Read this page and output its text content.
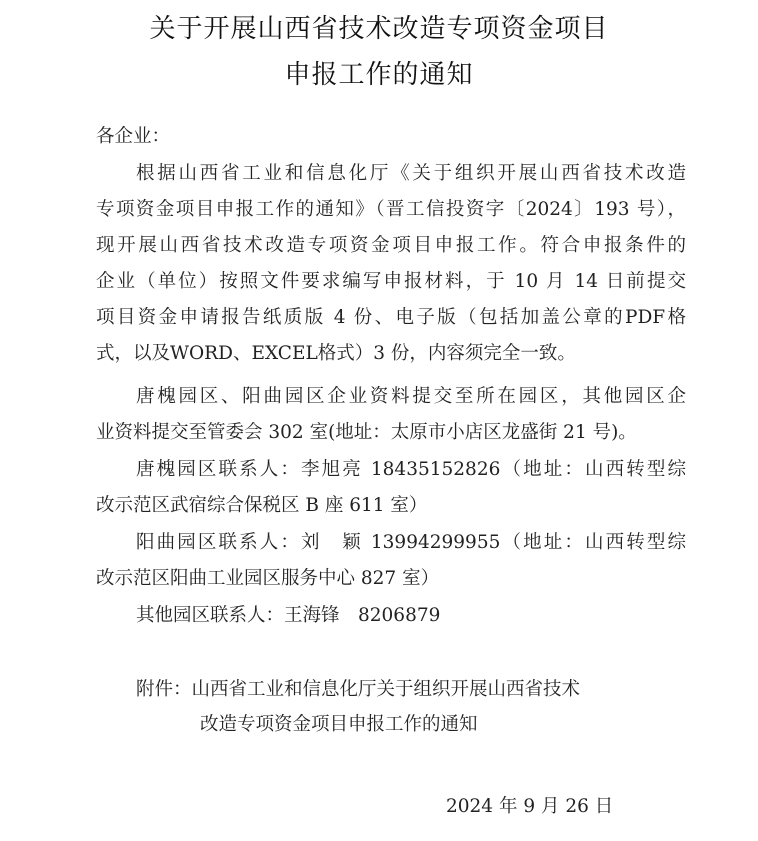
关于开展山西省技术改造专项资金项目
申报工作的通知
各企业：
根据山西省工业和信息化厅《关于组织开展山西省技术改造
专项资金项目申报工作的通知》（晋工信投资字〔2024〕193 号），
现开展山西省技术改造专项资金项目申报工作。符合申报条件的
企业（单位）按照文件要求编写申报材料，于 10 月 14 日前提交
项目资金申请报告纸质版 4 份、电子版（包括加盖公章的PDF格
式，以及WORD、EXCEL格式）3 份，内容须完全一致。
唐槐园区、阳曲园区企业资料提交至所在园区，其他园区企
业资料提交至管委会 302 室(地址：太原市小店区龙盛街 21 号)。
唐槐园区联系人：李旭亮 18435152826（地址：山西转型综
改示范区武宿综合保税区 B 座 611 室）
阳曲园区联系人：刘　颖 13994299955（地址：山西转型综
改示范区阳曲工业园区服务中心 827 室）
其他园区联系人：王海锋　8206879
附件：山西省工业和信息化厅关于组织开展山西省技术
改造专项资金项目申报工作的通知
2024 年 9 月 26 日
